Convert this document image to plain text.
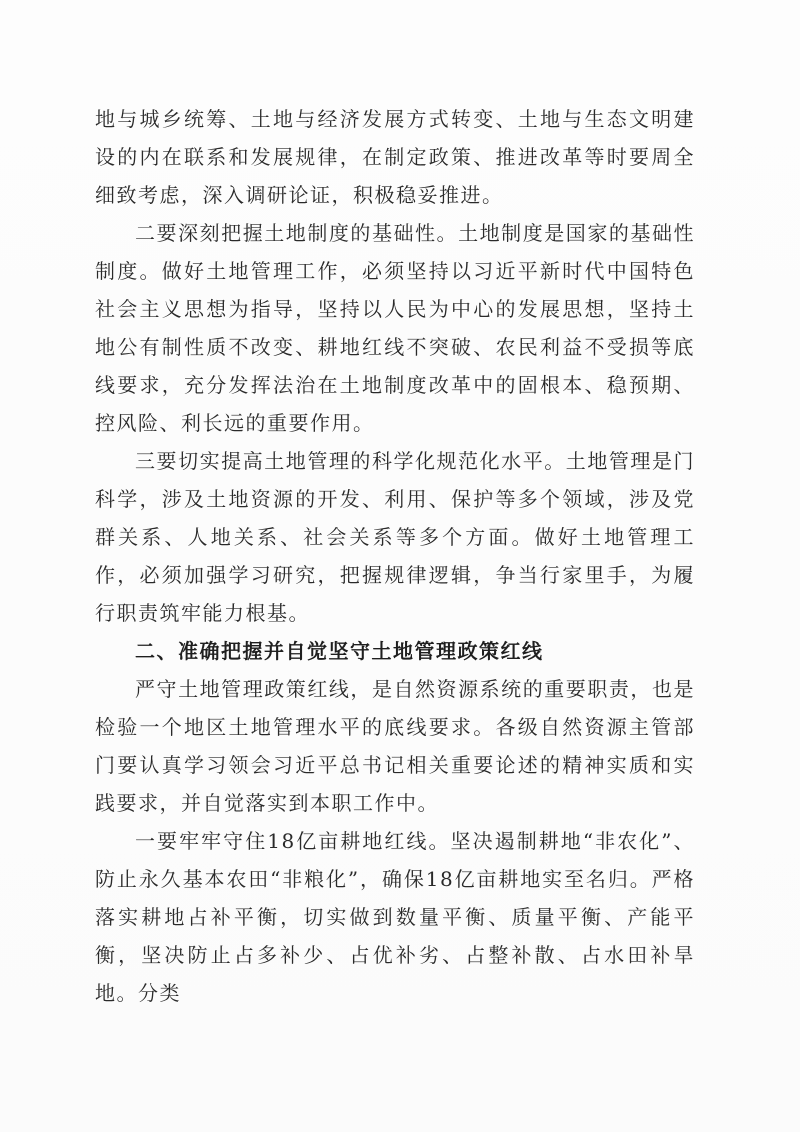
地与城乡统筹、土地与经济发展方式转变、土地与生态文明建设的内在联系和发展规律，在制定政策、推进改革等时要周全细致考虑，深入调研论证，积极稳妥推进。

二要深刻把握土地制度的基础性。土地制度是国家的基础性制度。做好土地管理工作，必须坚持以习近平新时代中国特色社会主义思想为指导，坚持以人民为中心的发展思想，坚持土地公有制性质不改变、耕地红线不突破、农民利益不受损等底线要求，充分发挥法治在土地制度改革中的固根本、稳预期、控风险、利长远的重要作用。

三要切实提高土地管理的科学化规范化水平。土地管理是门科学，涉及土地资源的开发、利用、保护等多个领域，涉及党群关系、人地关系、社会关系等多个方面。做好土地管理工作，必须加强学习研究，把握规律逻辑，争当行家里手，为履行职责筑牢能力根基。

二、准确把握并自觉坚守土地管理政策红线

严守土地管理政策红线，是自然资源系统的重要职责，也是检验一个地区土地管理水平的底线要求。各级自然资源主管部门要认真学习领会习近平总书记相关重要论述的精神实质和实践要求，并自觉落实到本职工作中。

一要牢牢守住18亿亩耕地红线。坚决遏制耕地“非农化”、防止永久基本农田“非粮化”，确保18亿亩耕地实至名归。严格落实耕地占补平衡，切实做到数量平衡、质量平衡、产能平衡，坚决防止占多补少、占优补劣、占整补散、占水田补旱地。分类
